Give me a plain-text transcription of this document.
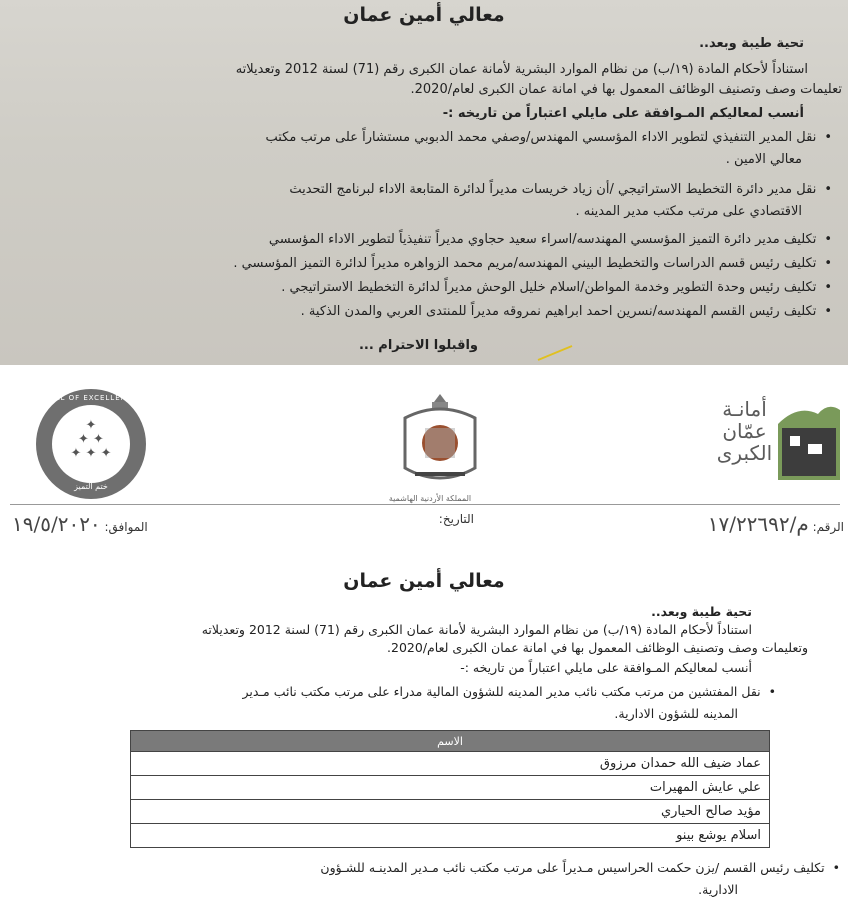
معالي أمين عمان
تحية طيبة وبعد..
استناداً لأحكام المادة (١٩/ب) من نظام الموارد البشرية لأمانة عمان الكبرى رقم (71) لسنة 2012 وتعديلاته
تعليمات وصف وتصنيف الوظائف المعمول بها في امانة عمان الكبرى لعام/2020.
أنسب لمعاليكم المـوافقة على مايلي اعتباراً من تاريخه :-
• نقل المدير التنفيذي لتطوير الاداء المؤسسي المهندس/وصفي محمد الدبوبي مستشاراً على مرتب مكتب
معالي الامين .
• نقل مدير دائرة التخطيط الاستراتيجي /أن زياد خريسات مديراً لدائرة المتابعة الاداء لبرنامج التحديث
الاقتصادي على مرتب مكتب مدير المدينه .
• تكليف مدير دائرة التميز المؤسسي المهندسه/اسراء سعيد حجاوي مديراً تنفيذياً لتطوير الاداء المؤسسي
• تكليف رئيس قسم الدراسات والتخطيط البيني المهندسه/مريم محمد الزواهره مديراً لدائرة التميز المؤسسي .
• تكليف رئيس وحدة التطوير وخدمة المواطن/اسلام خليل الوحش مديراً لدائرة التخطيط الاستراتيجي .
• تكليف رئيس القسم المهندسه/نسرين احمد ابراهيم نمروقه مديراً للمنتدى العربي والمدن الذكية .
واقبلوا الاحترام ...
SEAL OF EXCELLENCE
✦
✦ ✦
✦ ✦ ✦
ختم التميز
المملكة الأردنية الهاشمية
أمانـة
عمّان
الكبرى
الرقم: م/١٧/٢٢٦٩٢
التاريخ:
الموافق: ١٩/٥/٢٠٢٠
معالي أمين عمان
تحية طيبة وبعد..
استناداً لأحكام المادة (١٩/ب) من نظام الموارد البشرية لأمانة عمان الكبرى رقم (71) لسنة 2012 وتعديلاته
وتعليمات وصف وتصنيف الوظائف المعمول بها في امانة عمان الكبرى لعام/2020.
أنسب لمعاليكم المـوافقة على مايلي اعتباراً من تاريخه :-
• نقل المفتشين من مرتب مكتب نائب مدير المدينه للشؤون المالية مدراء على مرتب مكتب نائب مـدير
المدينه للشؤون الادارية.
الاسم
عماد ضيف الله حمدان مرزوق
علي عايش المهيرات
مؤيد صالح الحياري
اسلام يوشع بينو
• تكليف رئيس القسم /يزن حكمت الحراسيس مـديراً على مرتب مكتب نائب مـدير المدينـه للشـؤون
الادارية.
